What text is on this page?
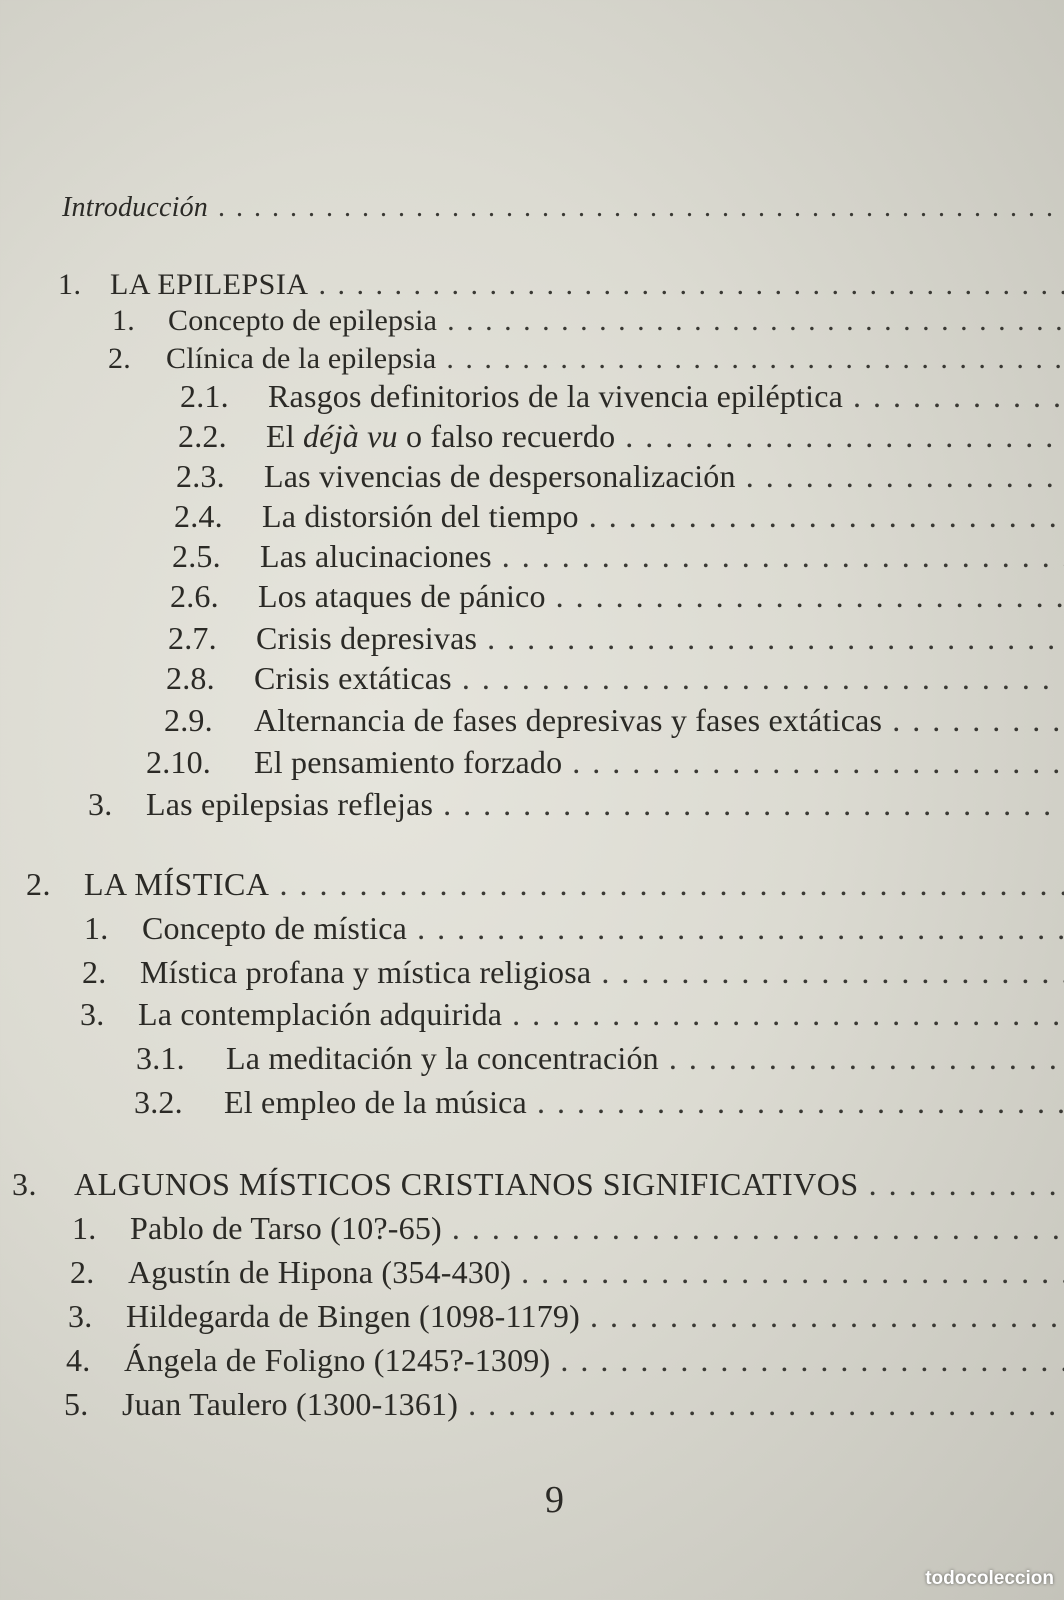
Introducción
. . .
1. LA EPILEPSIA
. . .
1.	Concepto de epilepsia
. . .
2.	Clínica de la epilepsia
. . .
2.1.	Rasgos definitorios de la vivencia epiléptica
. . .
2.2.	El déjà vu o falso recuerdo
. . .
2.3.	Las vivencias de despersonalización
. . .
2.4.	La distorsión del tiempo
. . .
2.5.	Las alucinaciones
. . .
2.6.	Los ataques de pánico
. . .
2.7.	Crisis depresivas
. . .
2.8.	Crisis extáticas
. . .
2.9.	Alternancia de fases depresivas y fases extáticas
. . .
2.10.	El pensamiento forzado
. . .
3.	Las epilepsias reflejas
. . .
2.	LA MÍSTICA
. . .
1.	Concepto de mística
. . .
2.	Mística profana y mística religiosa
. . .
3.	La contemplación adquirida
. . .
3.1.	La meditación y la concentración
. . .
3.2.	El empleo de la música
. . .
3.	ALGUNOS MÍSTICOS CRISTIANOS SIGNIFICATIVOS
. . .
1.	Pablo de Tarso (10?-65)
. . .
2.	Agustín de Hipona (354-430)
. . .
3.	Hildegarda de Bingen (1098-1179)
. . .
4.	Ángela de Foligno (1245?-1309)
. . .
5.	Juan Taulero (1300-1361)
. . .
9
todocoleccion
